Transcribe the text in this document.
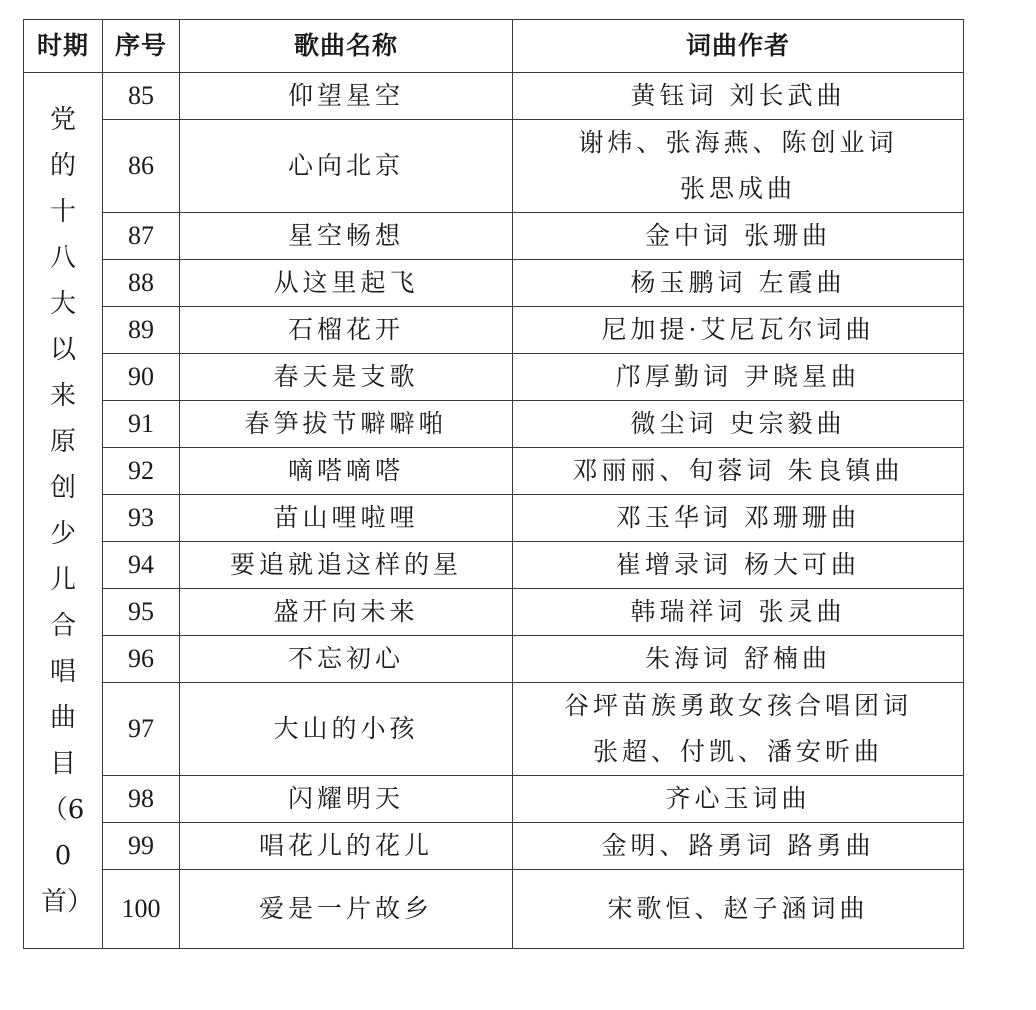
时期	序号	歌曲名称	词曲作者
党的十八大以来原创少儿合唱曲目（60首）	85	仰望星空	黄钰词 刘长武曲

	86	心向北京	谢炜、张海燕、陈创业词
张思成曲

	87	星空畅想	金中词 张珊曲

	88	从这里起飞	杨玉鹏词 左霞曲

	89	石榴花开	尼加提·艾尼瓦尔词曲

	90	春天是支歌	邝厚勤词 尹晓星曲

	91	春笋拔节噼噼啪	微尘词 史宗毅曲

	92	嘀嗒嘀嗒	邓丽丽、旬蓉词 朱良镇曲

	93	苗山哩啦哩	邓玉华词 邓珊珊曲

	94	要追就追这样的星	崔增录词 杨大可曲

	95	盛开向未来	韩瑞祥词 张灵曲

	96	不忘初心	朱海词 舒楠曲

	97	大山的小孩	谷坪苗族勇敢女孩合唱团词
张超、付凯、潘安昕曲

	98	闪耀明天	齐心玉词曲

	99	唱花儿的花儿	金明、路勇词 路勇曲

	100	爱是一片故乡	宋歌恒、赵子涵词曲
